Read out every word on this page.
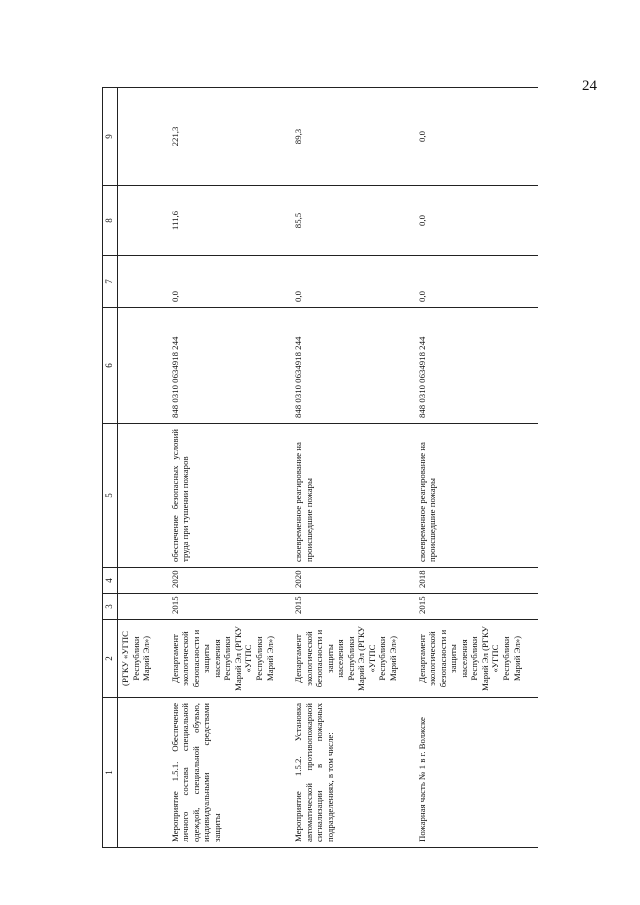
24
1	2	3	4	5	6	7	8	9
	(РГКУ «УГПС Республики Марий Эл»)							
Мероприятие 1.5.1. Обеспечение личного состава специальной одеждой, специальной обувью, индивидуальными средствами защиты	Департамент экологической безопасности и защиты населения Республики Марий Эл (РГКУ «УГПС Республики Марий Эл»)	2015	2020	обеспечение безопасных условий труда при тушении пожаров	848 0310 0634918 244	0,0	111,6	221,3
Мероприятие 1.5.2. Установка автоматической противопожарной сигнализации в пожарных подразделениях, в том числе:	Департамент экологической безопасности и защиты населения Республики Марий Эл (РГКУ «УГПС Республики Марий Эл»)	2015	2020	своевременное реагирование на происшедшие пожары	848 0310 0634918 244	0,0	85,5	89,3
Пожарная часть № 1 в г. Волжске	Департамент экологической безопасности и защиты населения Республики Марий Эл (РГКУ «УГПС Республики Марий Эл»)	2015	2018	своевременное реагирование на происшедшие пожары	848 0310 0634918 244	0,0	0,0	0,0
